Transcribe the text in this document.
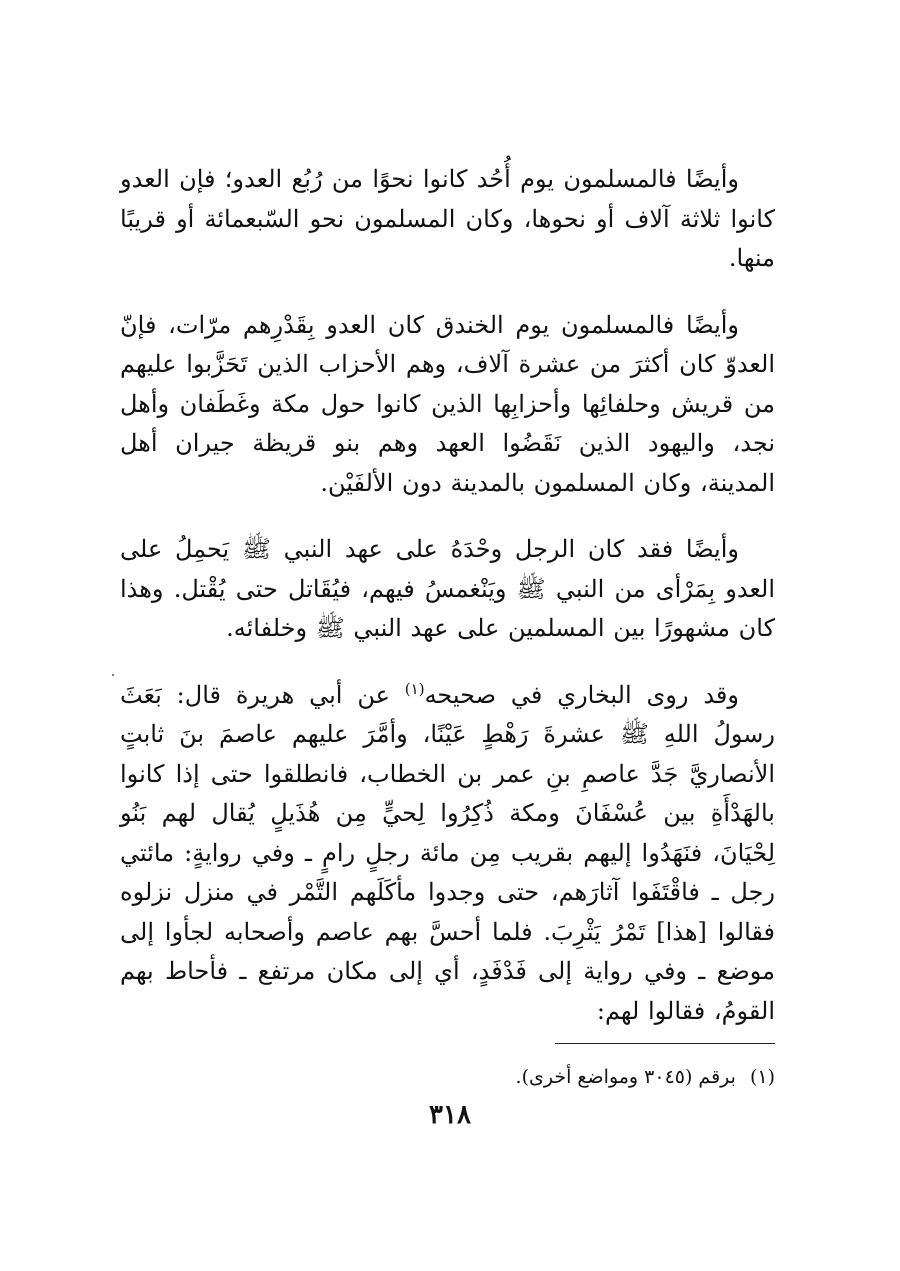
وأيضًا فالمسلمون يوم أُحُد كانوا نحوًا من رُبُع العدو؛ فإن العدو كانوا ثلاثة آلاف أو نحوها، وكان المسلمون نحو السّبعمائة أو قريبًا منها.

وأيضًا فالمسلمون يوم الخندق كان العدو بِقَدْرِهم مرّات، فإنّ العدوّ كان أكثرَ من عشرة آلاف، وهم الأحزاب الذين تَحَزَّبوا عليهم من قريش وحلفائِها وأحزابِها الذين كانوا حول مكة وغَطَفان وأهل نجد، واليهود الذين نَقَضُوا العهد وهم بنو قريظة جيران أهل المدينة، وكان المسلمون بالمدينة دون الألفَيْن.

وأيضًا فقد كان الرجل وحْدَهُ على عهد النبي ﷺ يَحمِلُ على العدو بِمَرْأى من النبي ﷺ ويَنْغمسُ فيهم، فيُقَاتل حتى يُقْتل. وهذا كان مشهورًا بين المسلمين على عهد النبي ﷺ وخلفائه.

وقد روى البخاري في صحيحه$^{(١)}$ عن أبي هريرة قال: بَعَثَ رسولُ اللهِ ﷺ عشرةَ رَهْطٍ عَيْنًا، وأمَّرَ عليهم عاصمَ بنَ ثابتٍ الأنصاريَّ جَدَّ عاصمِ بنِ عمر بن الخطاب، فانطلقوا حتى إذا كانوا بالهَدْأَةِ بين عُسْفَانَ ومكة ذُكِرُوا لِحيٍّ مِن هُذَيلٍ يُقال لهم بَنُو لِحْيَانَ، فنَهَدُوا إليهم بقريب مِن مائة رجلٍ رامٍ ـ وفي روايةٍ: مائتي رجل ـ فاقْتَفَوا آثارَهم، حتى وجدوا مأكَلَهم التَّمْر في منزل نزلوه فقالوا [هذا] تَمْرُ يَثْرِبَ. فلما أحسَّ بهم عاصم وأصحابه لجأوا إلى موضع ـ وفي رواية إلى فَدْفَدٍ، أي إلى مكان مرتفع ـ فأحاط بهم القومُ، فقالوا لهم:

(١)برقم (٣٠٤٥ ومواضع أخرى).
٣١٨
